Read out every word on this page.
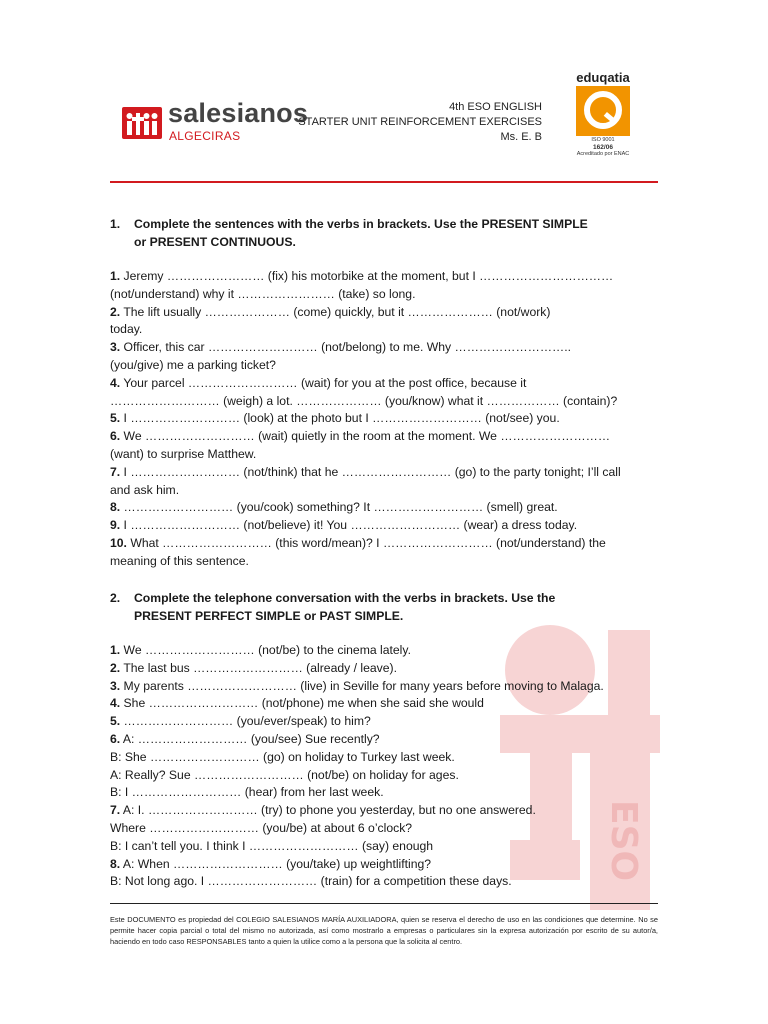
ESO
salesianos
ALGECIRAS
4th ESO ENGLISH
STARTER UNIT REINFORCEMENT EXERCISES
Ms. E. B
eduqatia
ISO 9001
162/06
Acreditado por ENAC
1. Complete the sentences with the verbs in brackets. Use the PRESENT SIMPLE
or PRESENT CONTINUOUS.
1. Jeremy …………………… (fix) his motorbike at the moment, but I ……………………………
(not/understand) why it …………………… (take) so long.
2. The lift usually ………………… (come) quickly, but it ………………… (not/work)
today.
3. Officer, this car ……………………… (not/belong) to me. Why ………………………..
(you/give) me a parking ticket?
4. Your parcel ……………………… (wait) for you at the post office, because it
……………………… (weigh) a lot. ………………… (you/know) what it ……………… (contain)?
5. I ……………………… (look) at the photo but I ……………………… (not/see) you.
6. We ……………………… (wait) quietly in the room at the moment. We ………………………
(want) to surprise Matthew.
7. I ……………………… (not/think) that he ……………………… (go) to the party tonight; I’ll call
and ask him.
8. ……………………… (you/cook) something? It ……………………… (smell) great.
9. I ……………………… (not/believe) it! You ……………………… (wear) a dress today.
10. What ……………………… (this word/mean)? I ……………………… (not/understand) the
meaning of this sentence.
2. Complete the telephone conversation with the verbs in brackets. Use the
PRESENT PERFECT SIMPLE or PAST SIMPLE.
1. We ……………………… (not/be) to the cinema lately.
2. The last bus ……………………… (already / leave).
3. My parents ……………………… (live) in Seville for many years before moving to Malaga.
4. She ……………………… (not/phone) me when she said she would
5. ……………………… (you/ever/speak) to him?
6. A: ……………………… (you/see) Sue recently?
B: She ……………………… (go) on holiday to Turkey last week.
A: Really? Sue ……………………… (not/be) on holiday for ages.
B: I ……………………… (hear) from her last week.
7. A: I. ……………………… (try) to phone you yesterday, but no one answered.
Where ……………………… (you/be) at about 6 o’clock?
B: I can’t tell you. I think I ……………………… (say) enough
8. A: When ……………………… (you/take) up weightlifting?
B: Not long ago. I ……………………… (train) for a competition these days.
Este DOCUMENTO es propiedad del COLEGIO SALESIANOS MARÍA AUXILIADORA, quien se reserva el derecho de uso en las condiciones que determine. No se permite hacer copia parcial o total del mismo no autorizada, así como mostrarlo a empresas o particulares sin la expresa autorización por escrito de su autor/a, haciendo en todo caso RESPONSABLES tanto a quien la utilice como a la persona que la solicita al centro.
